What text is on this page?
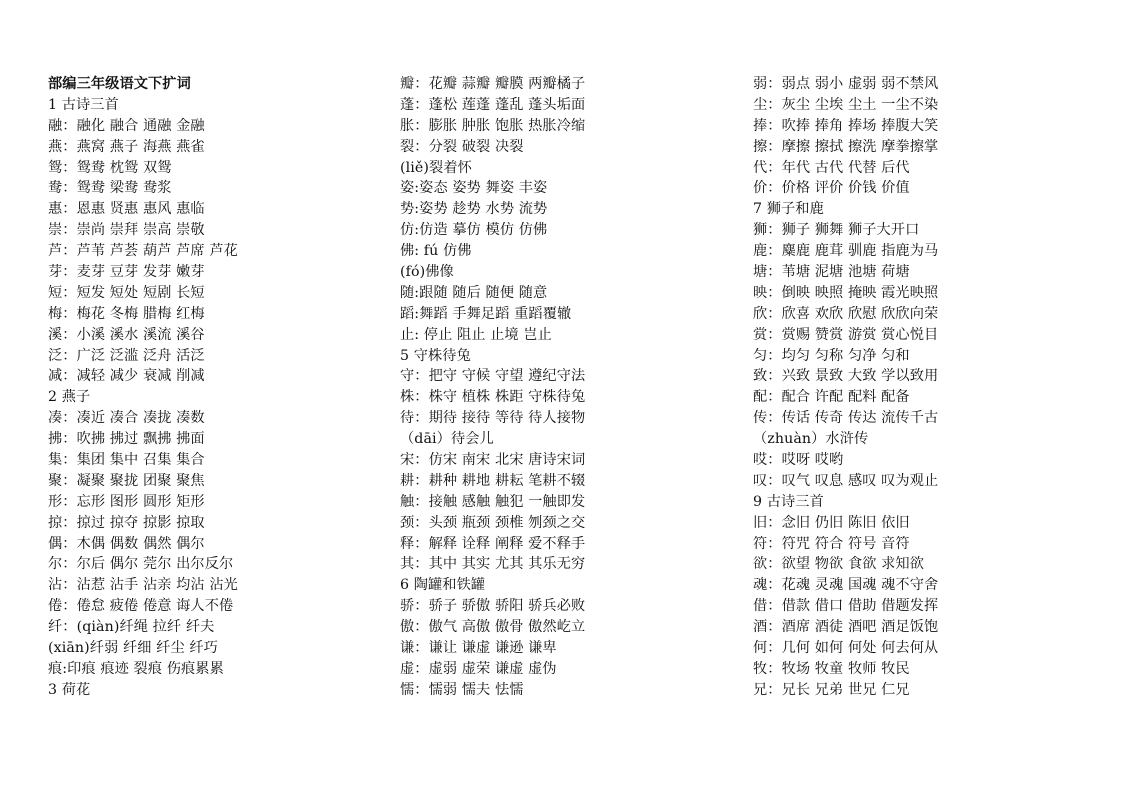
部编三年级语文下扩词
1 古诗三首
融：融化 融合 通融 金融
燕：燕窝 燕子 海燕 燕雀
鸳：鸳鸯 枕鸳 双鸳
鸯：鸳鸯 梁鸯 鸯浆
惠：恩惠 贤惠 惠风 惠临
崇：崇尚 崇拜 崇高 崇敬
芦：芦苇 芦荟 葫芦 芦席 芦花
芽：麦芽 豆芽 发芽 嫩芽
短：短发 短处 短剧 长短
梅：梅花 冬梅 腊梅 红梅
溪：小溪 溪水 溪流 溪谷
泛：广泛 泛滥 泛舟 活泛
减：减轻 减少 衰减 削减
2 燕子
凑：凑近 凑合 凑拢 凑数
拂：吹拂 拂过 飘拂 拂面
集：集团 集中 召集 集合
聚：凝聚 聚拢 团聚 聚焦
形：忘形 图形 圆形 矩形
掠：掠过 掠夺 掠影 掠取
偶：木偶 偶数 偶然 偶尔
尔：尔后 偶尔 莞尔 出尔反尔
沾：沾惹 沾手 沾亲 均沾 沾光
倦：倦怠 疲倦 倦意 诲人不倦
纤：(qiàn)纤绳 拉纤 纤夫
(xiān)纤弱 纤细 纤尘 纤巧
痕:印痕 痕迹 裂痕 伤痕累累
3 荷花
瓣：花瓣 蒜瓣 瓣膜 两瓣橘子
蓬：蓬松 莲蓬 蓬乱 蓬头垢面
胀：膨胀 肿胀 饱胀 热胀冷缩
裂：分裂 破裂 决裂
(liě)裂着怀
姿:姿态 姿势 舞姿 丰姿
势:姿势 趁势 水势 流势
仿:仿造 摹仿 模仿 仿佛
佛: fú 仿佛
(fó)佛像
随:跟随 随后 随便 随意
蹈:舞蹈 手舞足蹈 重蹈覆辙
止: 停止 阻止 止境 岂止
5 守株待兔
守：把守 守候 守望 遵纪守法
株：株守 植株 株距 守株待兔
待：期待 接待 等待 待人接物
（dāi）待会儿
宋：仿宋 南宋 北宋 唐诗宋词
耕：耕种 耕地 耕耘 笔耕不辍
触：接触 感触 触犯 一触即发
颈：头颈 瓶颈 颈椎 刎颈之交
释：解释 诠释 阐释 爱不释手
其：其中 其实 尤其 其乐无穷
6 陶罐和铁罐
骄：骄子 骄傲 骄阳 骄兵必败
傲：傲气 高傲 傲骨 傲然屹立
谦：谦让 谦虚 谦逊 谦卑
虚：虚弱 虚荣 谦虚 虚伪
懦：懦弱 懦夫 怯懦
弱：弱点 弱小 虚弱 弱不禁风
尘：灰尘 尘埃 尘土 一尘不染
捧：吹捧 捧角 捧场 捧腹大笑
擦：摩擦 擦拭 擦洗 摩拳擦掌
代：年代 古代 代替 后代
价：价格 评价 价钱 价值
7 狮子和鹿
狮：狮子 狮舞 狮子大开口
鹿：麋鹿 鹿茸 驯鹿 指鹿为马
塘：苇塘 泥塘 池塘 荷塘
映：倒映 映照 掩映 霞光映照
欣：欣喜 欢欣 欣慰 欣欣向荣
赏：赏赐 赞赏 游赏 赏心悦目
匀：均匀 匀称 匀净 匀和
致：兴致 景致 大致 学以致用
配：配合 许配 配料 配备
传：传话 传奇 传达 流传千古
（zhuàn）水浒传
哎：哎呀 哎哟
叹：叹气 叹息 感叹 叹为观止
9 古诗三首
旧：念旧 仍旧 陈旧 依旧
符：符咒 符合 符号 音符
欲：欲望 物欲 食欲 求知欲
魂：花魂 灵魂 国魂 魂不守舍
借：借款 借口 借助 借题发挥
酒：酒席 酒徒 酒吧 酒足饭饱
何：几何 如何 何处 何去何从
牧：牧场 牧童 牧师 牧民
兄：兄长 兄弟 世兄 仁兄
